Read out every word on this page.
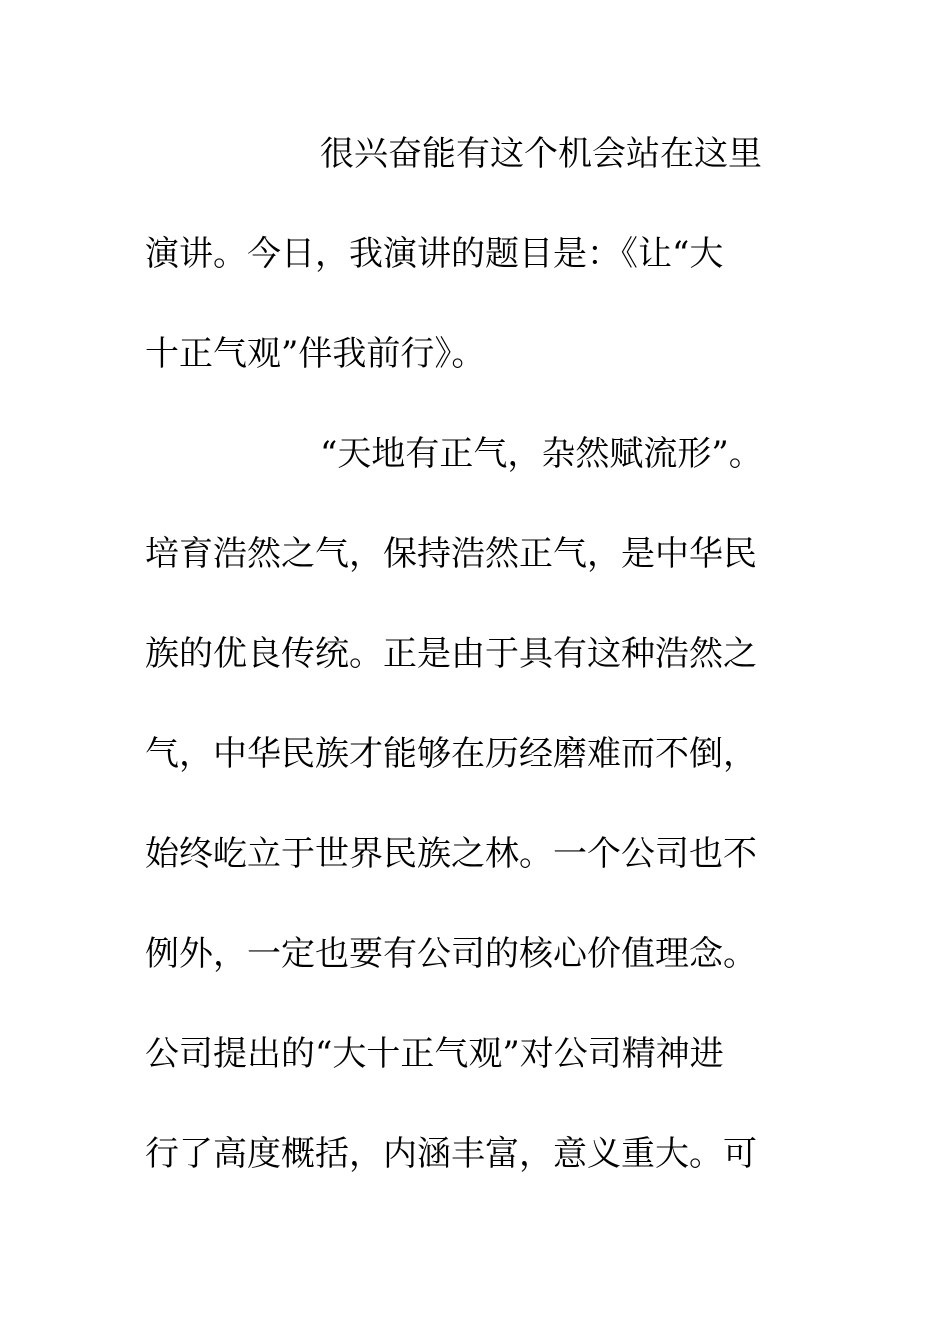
很兴奋能有这个机会站在这里
演讲。今日，我演讲的题目是：《让“大
十正气观”伴我前行》。
“天地有正气，杂然赋流形”。
培育浩然之气，保持浩然正气，是中华民
族的优良传统。正是由于具有这种浩然之
气，中华民族才能够在历经磨难而不倒，
始终屹立于世界民族之林。一个公司也不
例外，一定也要有公司的核心价值理念。
公司提出的“大十正气观”对公司精神进
行了高度概括，内涵丰富，意义重大。可
